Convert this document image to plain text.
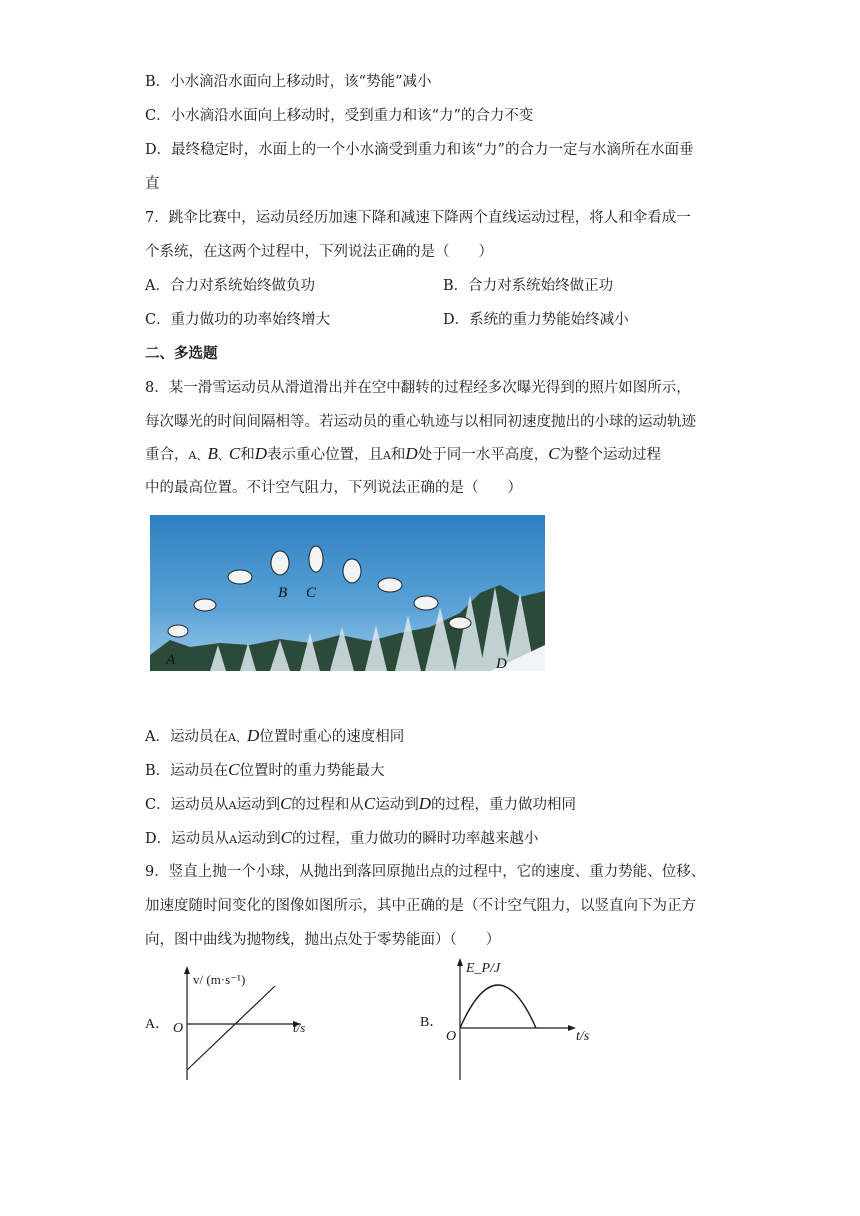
B．小水滴沿水面向上移动时，该“势能”减小
C．小水滴沿水面向上移动时，受到重力和该“力”的合力不变
D．最终稳定时，水面上的一个小水滴受到重力和该“力”的合力一定与水滴所在水面垂
直
7．跳伞比赛中，运动员经历加速下降和减速下降两个直线运动过程，将人和伞看成一
个系统，在这两个过程中，下列说法正确的是（　　）
A．合力对系统始终做负功	B．合力对系统始终做正功
C．重力做功的功率始终增大	D．系统的重力势能始终减小
二、多选题
8．某一滑雪运动员从滑道滑出并在空中翻转的过程经多次曝光得到的照片如图所示，
每次曝光的时间间隔相等。若运动员的重心轨迹与以相同初速度抛出的小球的运动轨迹
重合，A、B、C和D表示重心位置，且A和D处于同一水平高度，C为整个运动过程
中的最高位置。不计空气阻力，下列说法正确的是（　　）
A
B C
D
A．运动员在A、D位置时重心的速度相同
B．运动员在C位置时的重力势能最大
C．运动员从A运动到C的过程和从C运动到D的过程，重力做功相同
D．运动员从A运动到C的过程，重力做功的瞬时功率越来越小
9．竖直上抛一个小球，从抛出到落回原抛出点的过程中，它的速度、重力势能、位移、
加速度随时间变化的图像如图所示，其中正确的是（不计空气阻力，以竖直向下为正方
向，图中曲线为抛物线，抛出点处于零势能面）（　　）
A．
v/ (m·s⁻¹)
t/s
O	B．
E_P/J
t/s
O
